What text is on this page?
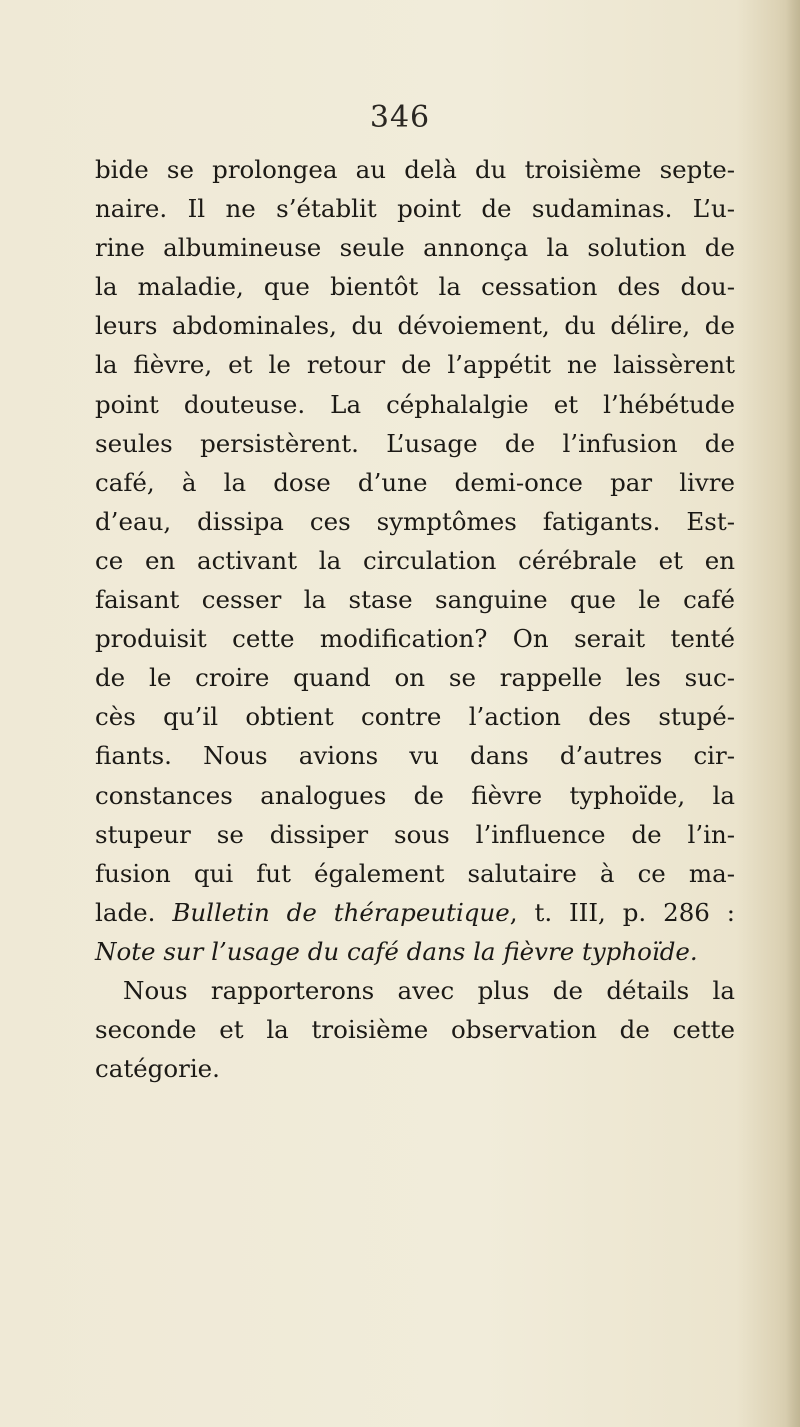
346
bide se prolongea au delà du troisième septe-
naire. Il ne s’établit point de sudaminas. L’u-
rine albumineuse seule annonça la solution de
la maladie, que bientôt la cessation des dou-
leurs abdominales, du dévoiement, du délire, de
la fièvre, et le retour de l’appétit ne laissèrent
point douteuse. La céphalalgie et l’hébétude
seules persistèrent. L’usage de l’infusion de
café, à la dose d’une demi-once par livre
d’eau, dissipa ces symptômes fatigants. Est-
ce en activant la circulation cérébrale et en
faisant cesser la stase sanguine que le café
produisit cette modification? On serait tenté
de le croire quand on se rappelle les suc-
cès qu’il obtient contre l’action des stupé-
fiants. Nous avions vu dans d’autres cir-
constances analogues de fièvre typhoïde, la
stupeur se dissiper sous l’influence de l’in-
fusion qui fut également salutaire à ce ma-
lade. Bulletin de thérapeutique, t. III, p. 286 :
Note sur l’usage du café dans la fièvre typhoïde.
Nous rapporterons avec plus de détails la
seconde et la troisième observation de cette
catégorie.
